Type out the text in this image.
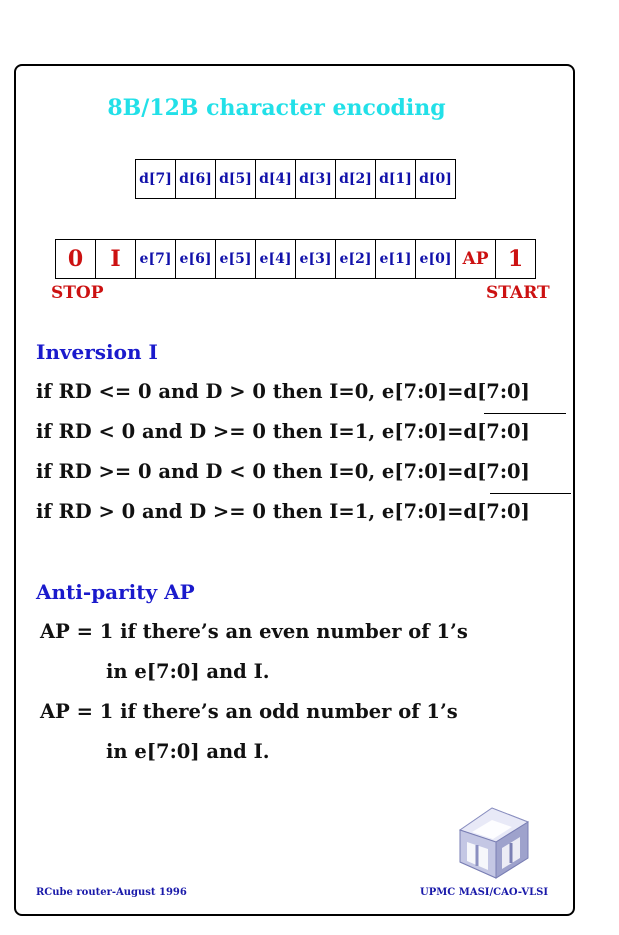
8B/12B character encoding
d[7] d[6] d[5] d[4] d[3] d[2] d[1] d[0]
0	I	e[7] e[6] e[5] e[4] e[3] e[2] e[1] e[0] AP 1
STOP	START
Inversion I
if RD <= 0 and D > 0 then I=0, e[7:0]=d[7:0]
if RD < 0 and D >= 0 then I=1, e[7:0]=d[7:0]
if RD >= 0 and D < 0 then I=0, e[7:0]=d[7:0]
if RD > 0 and D >= 0 then I=1, e[7:0]=d[7:0]
Anti-parity AP
AP = 1 if there’s an even number of 1’s
in e[7:0] and I.
AP = 1 if there’s an odd number of 1’s
in e[7:0] and I.
RCube router-August 1996	UPMC MASI/CAO-VLSI
